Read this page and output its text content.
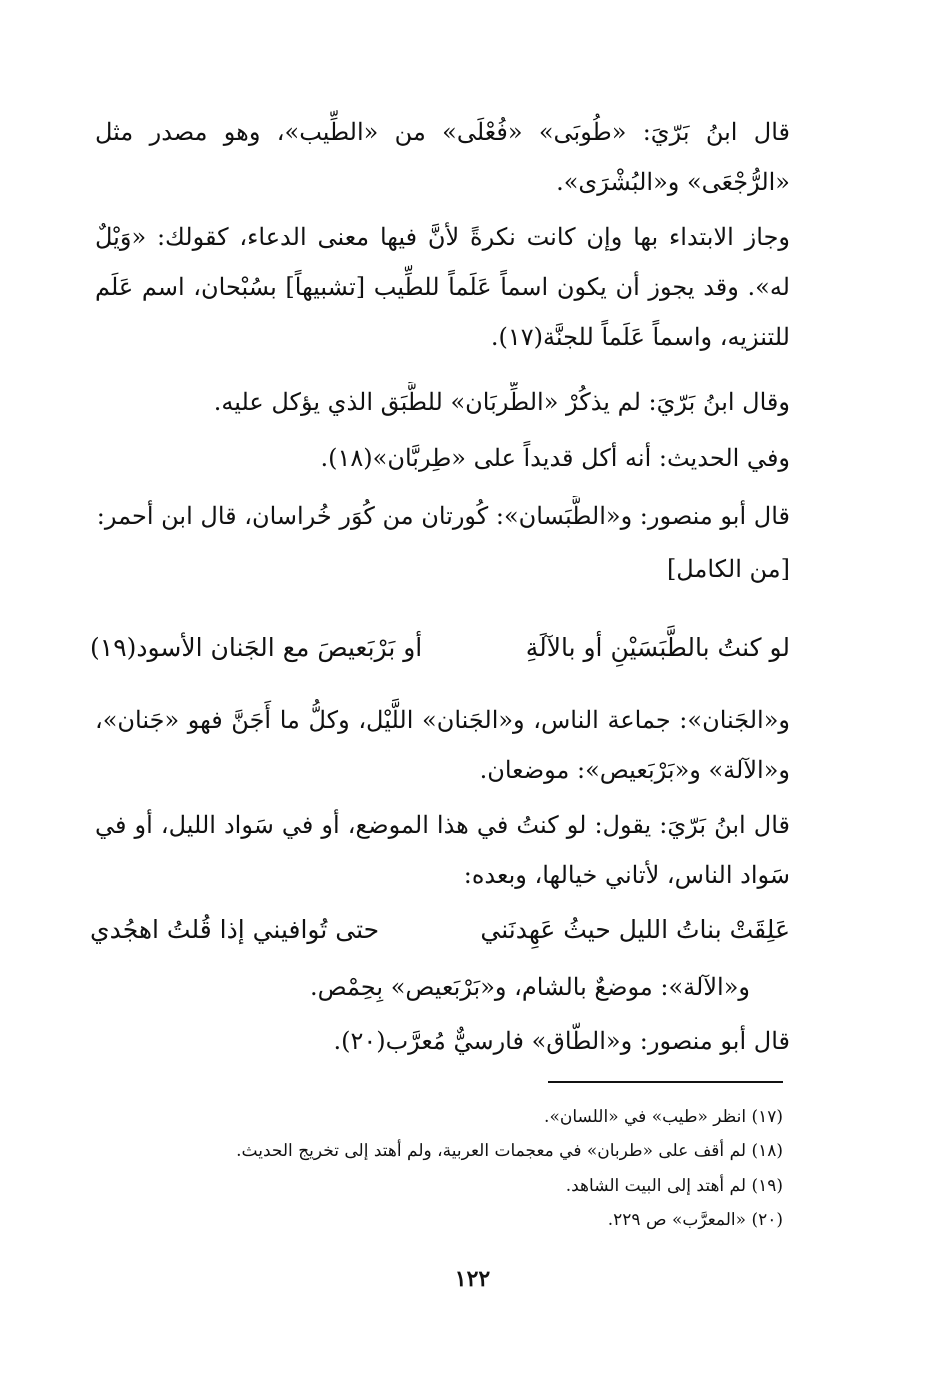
قال ابنُ بَرّيَ: «طُوبَى» «فُعْلَى» من «الطِّيب»، وهو مصدر مثل «الرُّجْعَى» و«البُشْرَى».

وجاز الابتداء بها وإن كانت نكرةً لأنَّ فيها معنى الدعاء، كقولك: «وَيْلٌ له». وقد يجوز أن يكون اسماً عَلَماً للطِّيب [تشبيهاً] بسُبْحان، اسم عَلَم للتنزيه، واسماً عَلَماً للجنَّة(١٧).

وقال ابنُ بَرّيَ: لم يذكُرْ «الطِّربَان» للطَّبَق الذي يؤكل عليه.
وفي الحديث: أنه أكل قديداً على «طِربَّان»(١٨).
قال أبو منصور: و«الطَّبَسان»: كُورتان من كُوَر خُراسان، قال ابن أحمر:
[من الكامل]
لو كنتُ بالطَّبَسَيْنِ أو بالآلَةِ
أو بَرْبَعيصَ مع الجَنان الأسود(١٩)

و«الجَنان»: جماعة الناس، و«الجَنان» اللَّيْل، وكلُّ ما أَجَنَّ فهو «جَنان»، و«الآلة» و«بَرْبَعيص»: موضعان.

قال ابنُ بَرّيَ: يقول: لو كنتُ في هذا الموضع، أو في سَواد الليل، أو في سَواد الناس، لأتاني خيالها، وبعده:

عَلِقَتْ بناتُ الليل حيثُ عَهِدنَني
حتى تُوافيني إذا قُلتُ اهجُدي
و«الآلة»: موضعٌ بالشام، و«بَرْبَعيص» بِحِمْص.
قال أبو منصور: و«الطّاق» فارسيٌّ مُعرَّب(٢٠).
(١٧) انظر «طيب» في «اللسان».
(١٨) لم أقف على «طربان» في معجمات العربية، ولم أهتد إلى تخريج الحديث.
(١٩) لم أهتد إلى البيت الشاهد.
(٢٠) «المعرَّب» ص ٢٢٩.
١٢٢
